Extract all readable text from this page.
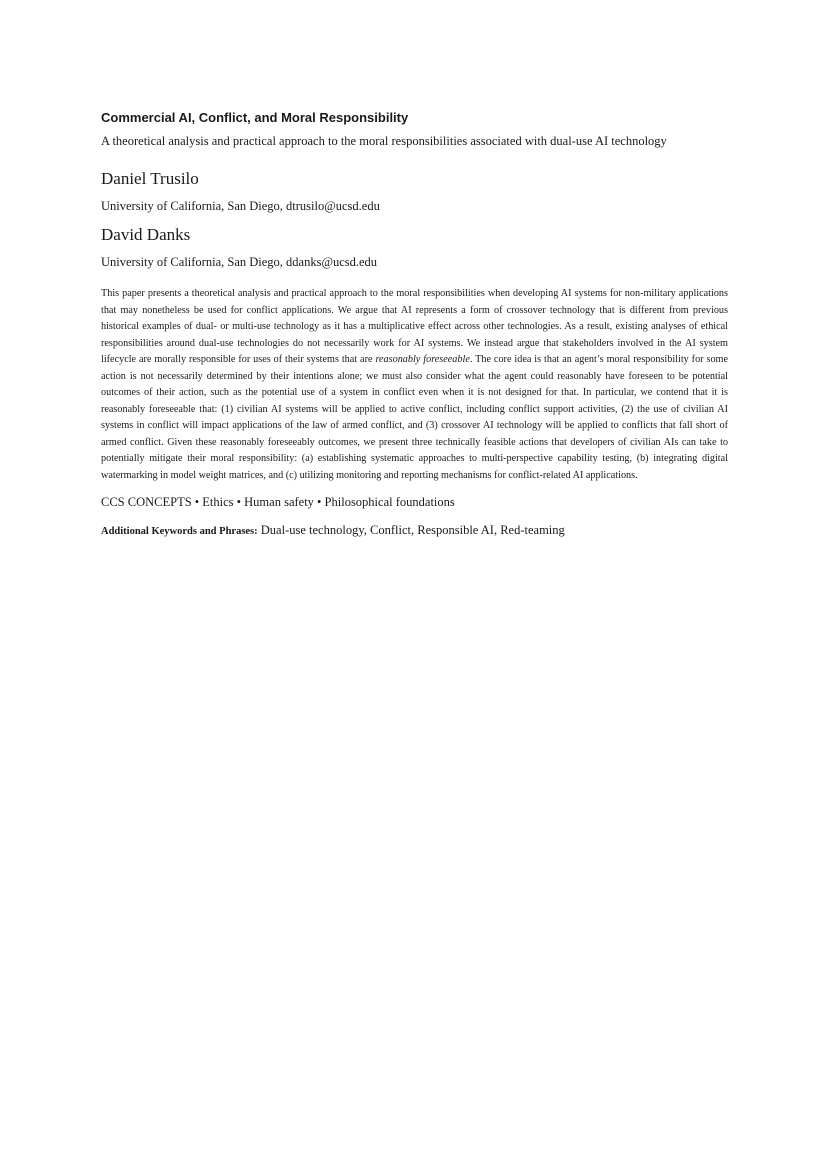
Commercial AI, Conflict, and Moral Responsibility

A theoretical analysis and practical approach to the moral responsibilities associated with dual-use AI technology

Daniel Trusilo

University of California, San Diego, dtrusilo@ucsd.edu

David Danks

University of California, San Diego, ddanks@ucsd.edu

This paper presents a theoretical analysis and practical approach to the moral responsibilities when developing AI systems for non-military applications that may nonetheless be used for conflict applications. We argue that AI represents a form of crossover technology that is different from previous historical examples of dual- or multi-use technology as it has a multiplicative effect across other technologies. As a result, existing analyses of ethical responsibilities around dual-use technologies do not necessarily work for AI systems. We instead argue that stakeholders involved in the AI system lifecycle are morally responsible for uses of their systems that are reasonably foreseeable. The core idea is that an agent’s moral responsibility for some action is not necessarily determined by their intentions alone; we must also consider what the agent could reasonably have foreseen to be potential outcomes of their action, such as the potential use of a system in conflict even when it is not designed for that. In particular, we contend that it is reasonably foreseeable that: (1) civilian AI systems will be applied to active conflict, including conflict support activities, (2) the use of civilian AI systems in conflict will impact applications of the law of armed conflict, and (3) crossover AI technology will be applied to conflicts that fall short of armed conflict. Given these reasonably foreseeably outcomes, we present three technically feasible actions that developers of civilian AIs can take to potentially mitigate their moral responsibility: (a) establishing systematic approaches to multi-perspective capability testing, (b) integrating digital watermarking in model weight matrices, and (c) utilizing monitoring and reporting mechanisms for conflict-related AI applications.

CCS CONCEPTS • Ethics • Human safety • Philosophical foundations

Additional Keywords and Phrases: Dual-use technology, Conflict, Responsible AI, Red-teaming
